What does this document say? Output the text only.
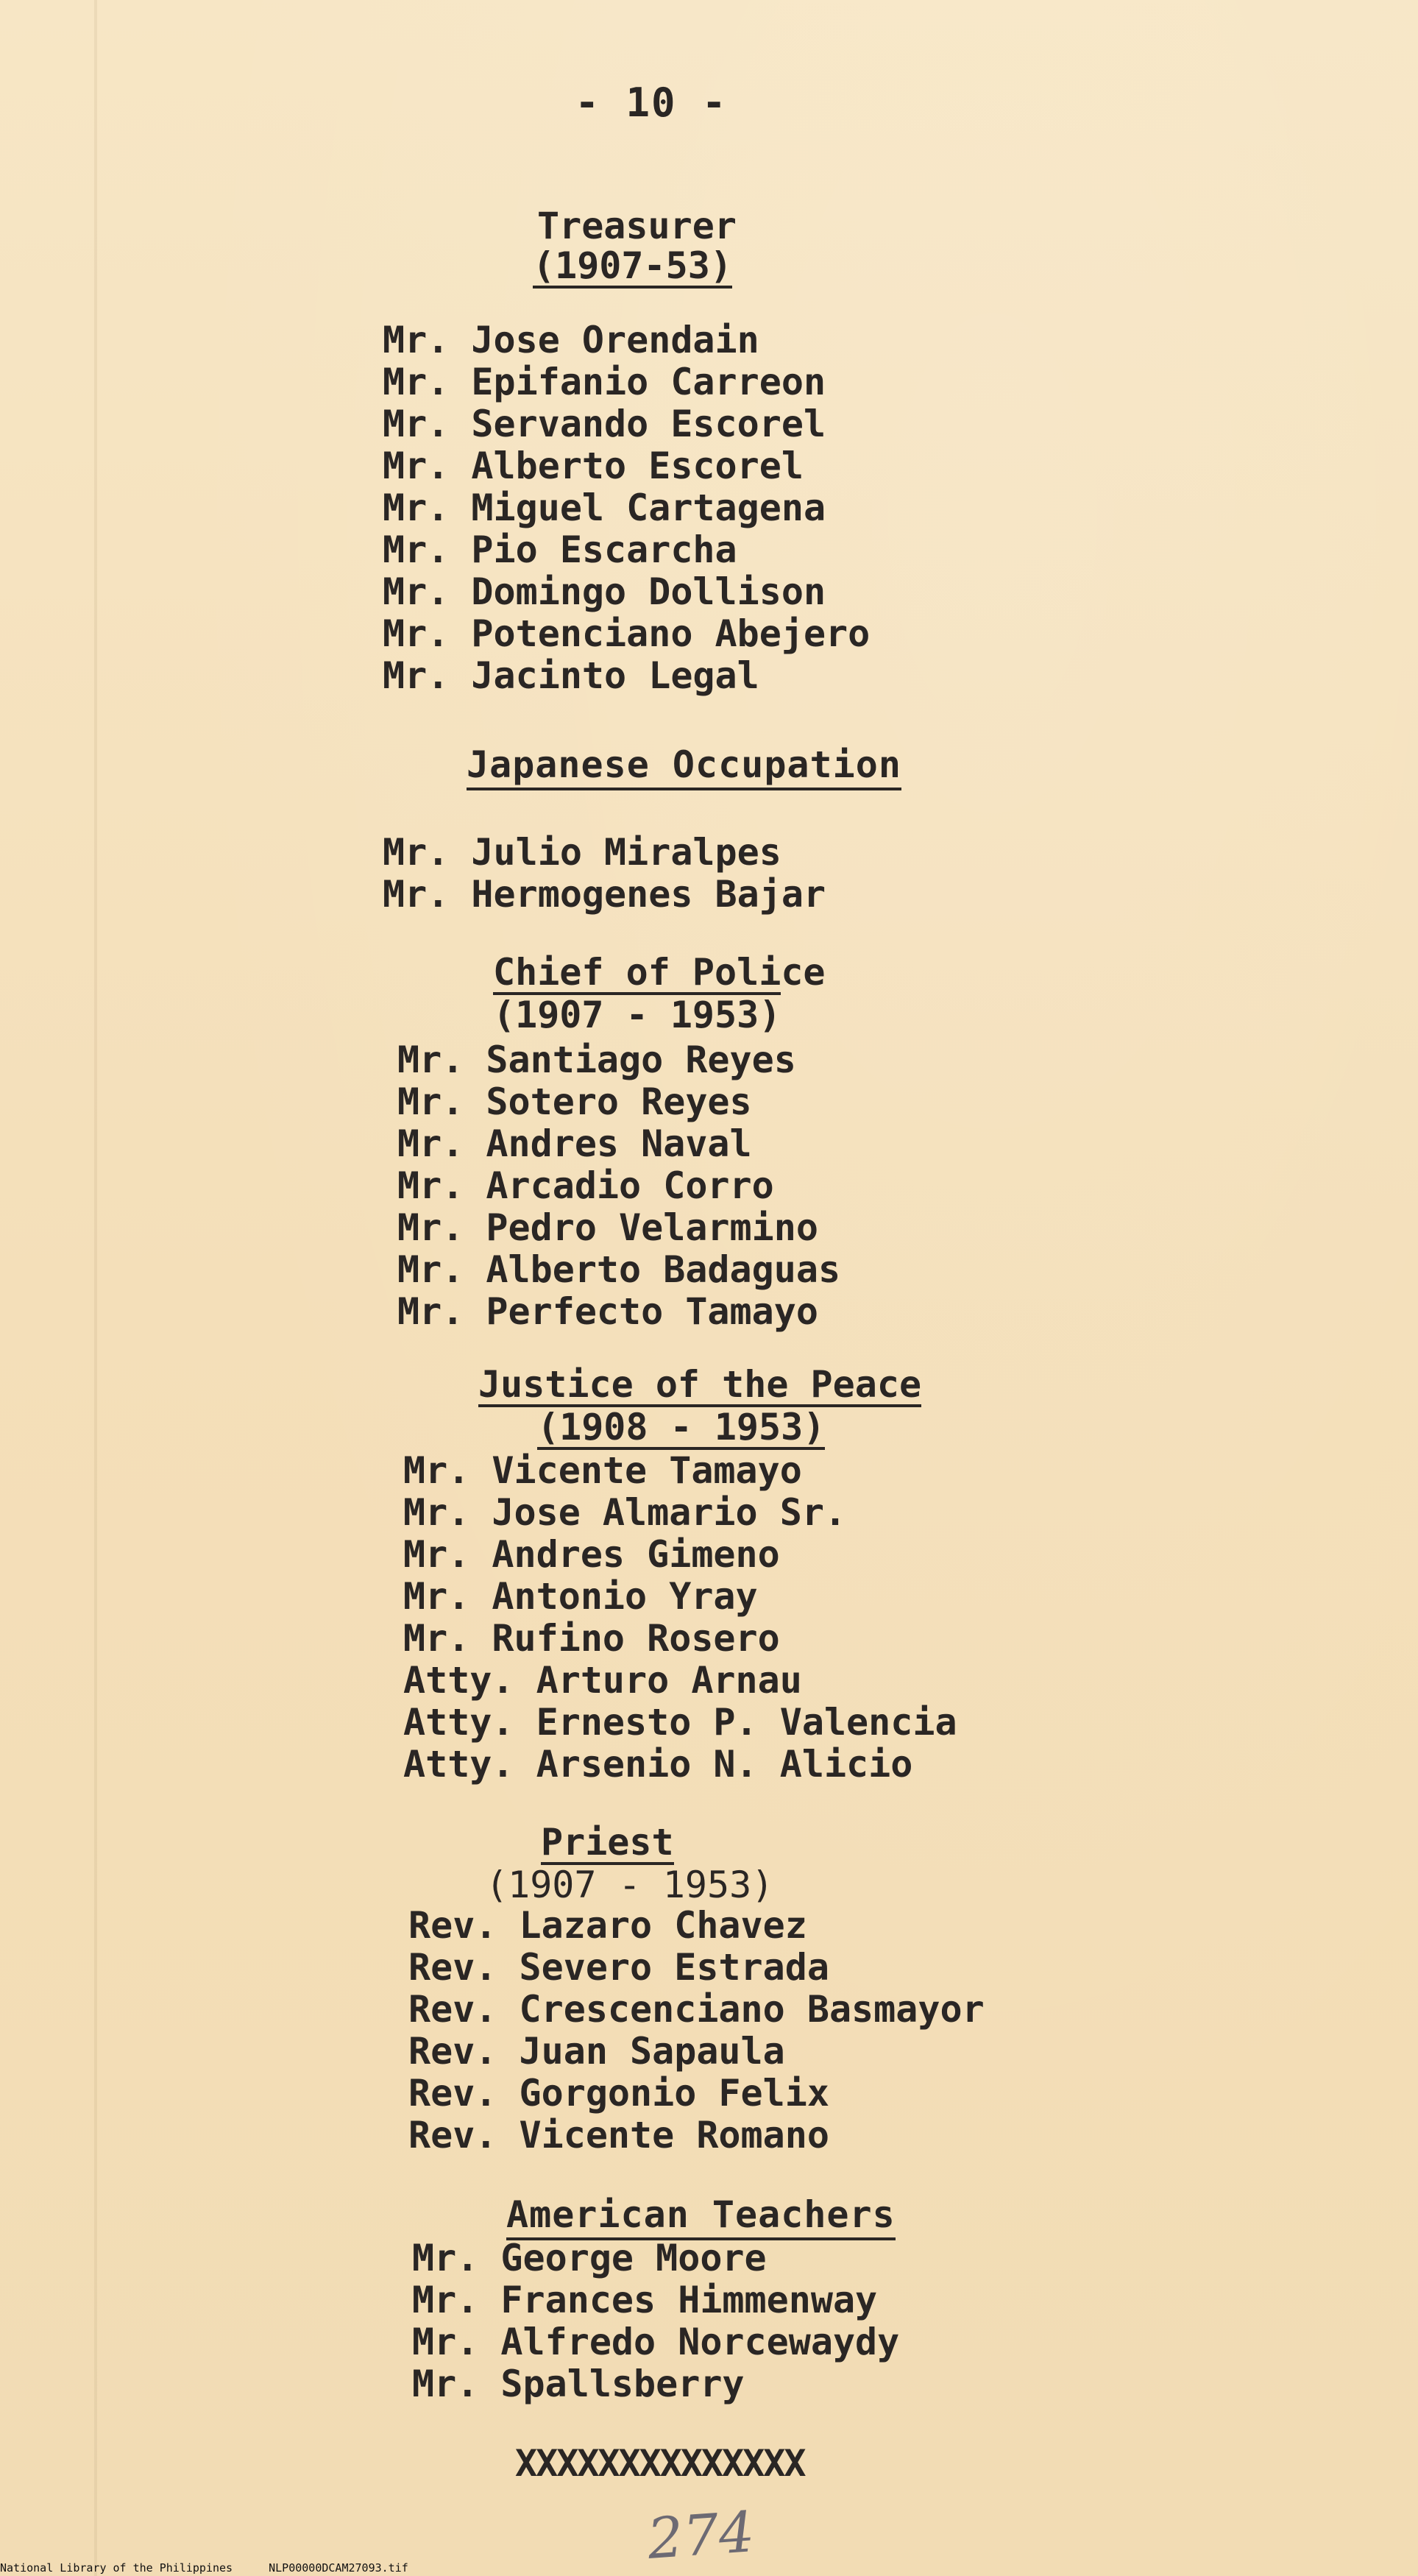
- 10 -
Treasurer
(1907-53)
Mr. Jose Orendain
Mr. Epifanio Carreon
Mr. Servando Escorel
Mr. Alberto Escorel
Mr. Miguel Cartagena
Mr. Pio Escarcha
Mr. Domingo Dollison
Mr. Potenciano Abejero
Mr. Jacinto Legal
Japanese Occupation
Mr. Julio Miralpes
Mr. Hermogenes Bajar
Chief of Police
(1907 - 1953)
Mr. Santiago Reyes
Mr. Sotero Reyes
Mr. Andres Naval
Mr. Arcadio Corro
Mr. Pedro Velarmino
Mr. Alberto Badaguas
Mr. Perfecto Tamayo
Justice of the Peace
(1908 - 1953)
Mr. Vicente Tamayo
Mr. Jose Almario Sr.
Mr. Andres Gimeno
Mr. Antonio Yray
Mr. Rufino Rosero
Atty. Arturo Arnau
Atty. Ernesto P. Valencia
Atty. Arsenio N. Alicio
Priest
(1907 - 1953)
Rev. Lazaro Chavez
Rev. Severo Estrada
Rev. Crescenciano Basmayor
Rev. Juan Sapaula
Rev. Gorgonio Felix
Rev. Vicente Romano
American Teachers
Mr. George Moore
Mr. Frances Himmenway
Mr. Alfredo Norcewaydy
Mr. Spallsberry
XXXXXXXXXXXXXX
274
National Library of the Philippines	NLP00000DCAM27093.tif
